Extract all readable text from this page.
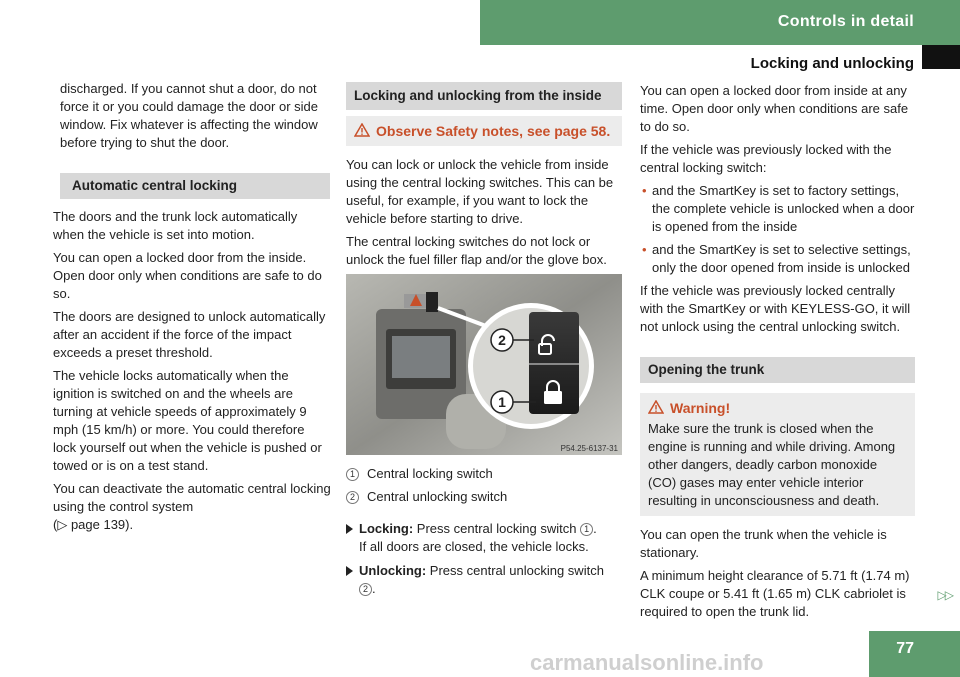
Controls in detail
Locking and unlocking

discharged. If you cannot shut a door, do not force it or you could damage the door or side window. Fix whatever is affecting the window before trying to shut the door.

Automatic central locking

The doors and the trunk lock automatically when the vehicle is set into motion.

You can open a locked door from the inside. Open door only when conditions are safe to do so.

The doors are designed to unlock automatically after an accident if the force of the impact exceeds a preset threshold.

The vehicle locks automatically when the ignition is switched on and the wheels are turning at vehicle speeds of approximately 9 mph (15 km/h) or more. You could therefore lock yourself out when the vehicle is pushed or towed or is on a test stand.

You can deactivate the automatic central locking using the control system
(▷ page 139).

Locking and unlocking from the inside
Observe Safety notes, see page 58.

You can lock or unlock the vehicle from inside using the central locking switches. This can be useful, for example, if you want to lock the vehicle before starting to drive.

The central locking switches do not lock or unlock the fuel filler flap and/or the glove box.

2
1
P54.25-6137-31
1 Central locking switch
2 Central unlocking switch
Locking: Press central locking switch 1 .
If all doors are closed, the vehicle locks.
Unlocking: Press central unlocking switch
2 .

You can open a locked door from inside at any time. Open door only when conditions are safe to do so.

If the vehicle was previously locked with the central locking switch:

• and the SmartKey is set to factory settings, the complete vehicle is unlocked when a door is opened from the inside

• and the SmartKey is set to selective settings, only the door opened from inside is unlocked

If the vehicle was previously locked centrally with the SmartKey or with KEYLESS-GO, it will not unlock using the central unlocking switch.

Opening the trunk
Warning!
Make sure the trunk is closed when the engine is running and while driving. Among other dangers, deadly carbon monoxide (CO) gases may enter vehicle interior resulting in unconsciousness and death.

You can open the trunk when the vehicle is stationary.

A minimum height clearance of 5.71 ft (1.74 m) CLK coupe or 5.41 ft (1.65 m) CLK cabriolet is required to open the trunk lid.

▷▷
77
carmanualsonline.info
